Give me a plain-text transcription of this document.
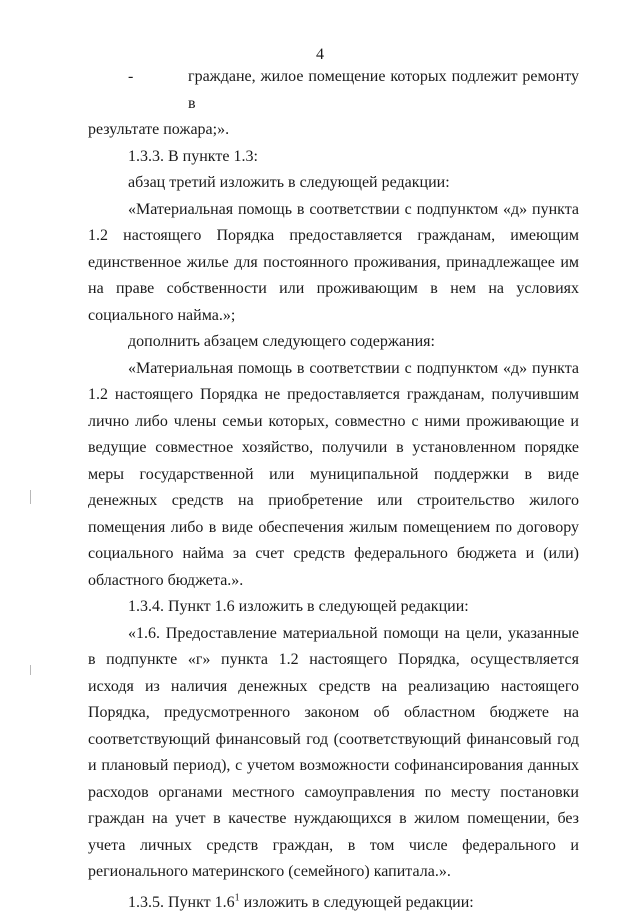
4
-	граждане, жилое помещение которых подлежит ремонту в

результате пожара;».

1.3.3. В пункте 1.3:

абзац третий изложить в следующей редакции:

«Материальная помощь в соответствии с подпунктом «д» пункта 1.2 настоящего Порядка предоставляется гражданам, имеющим единственное жилье для постоянного проживания, принадлежащее им на праве собственности или проживающим в нем на условиях социального найма.»;

дополнить абзацем следующего содержания:

«Материальная помощь в соответствии с подпунктом «д» пункта 1.2 настоящего Порядка не предоставляется гражданам, получившим лично либо члены семьи которых, совместно с ними проживающие и ведущие совместное хозяйство, получили в установленном порядке меры государственной или муниципальной поддержки в виде денежных средств на приобретение или строительство жилого помещения либо в виде обеспечения жилым помещением по договору социального найма за счет средств федерального бюджета и (или) областного бюджета.».

1.3.4. Пункт 1.6 изложить в следующей редакции:

«1.6. Предоставление материальной помощи на цели, указанные в подпункте «г» пункта 1.2 настоящего Порядка, осуществляется исходя из наличия денежных средств на реализацию настоящего Порядка, предусмотренного законом об областном бюджете на соответствующий финансовый год (соответствующий финансовый год и плановый период), с учетом возможности софинансирования данных расходов органами местного самоуправления по месту постановки граждан на учет в качестве нуждающихся в жилом помещении, без учета личных средств граждан, в том числе федерального и регионального материнского (семейного) капитала.».

1.3.5. Пункт $1.6^1$ изложить в следующей редакции:
